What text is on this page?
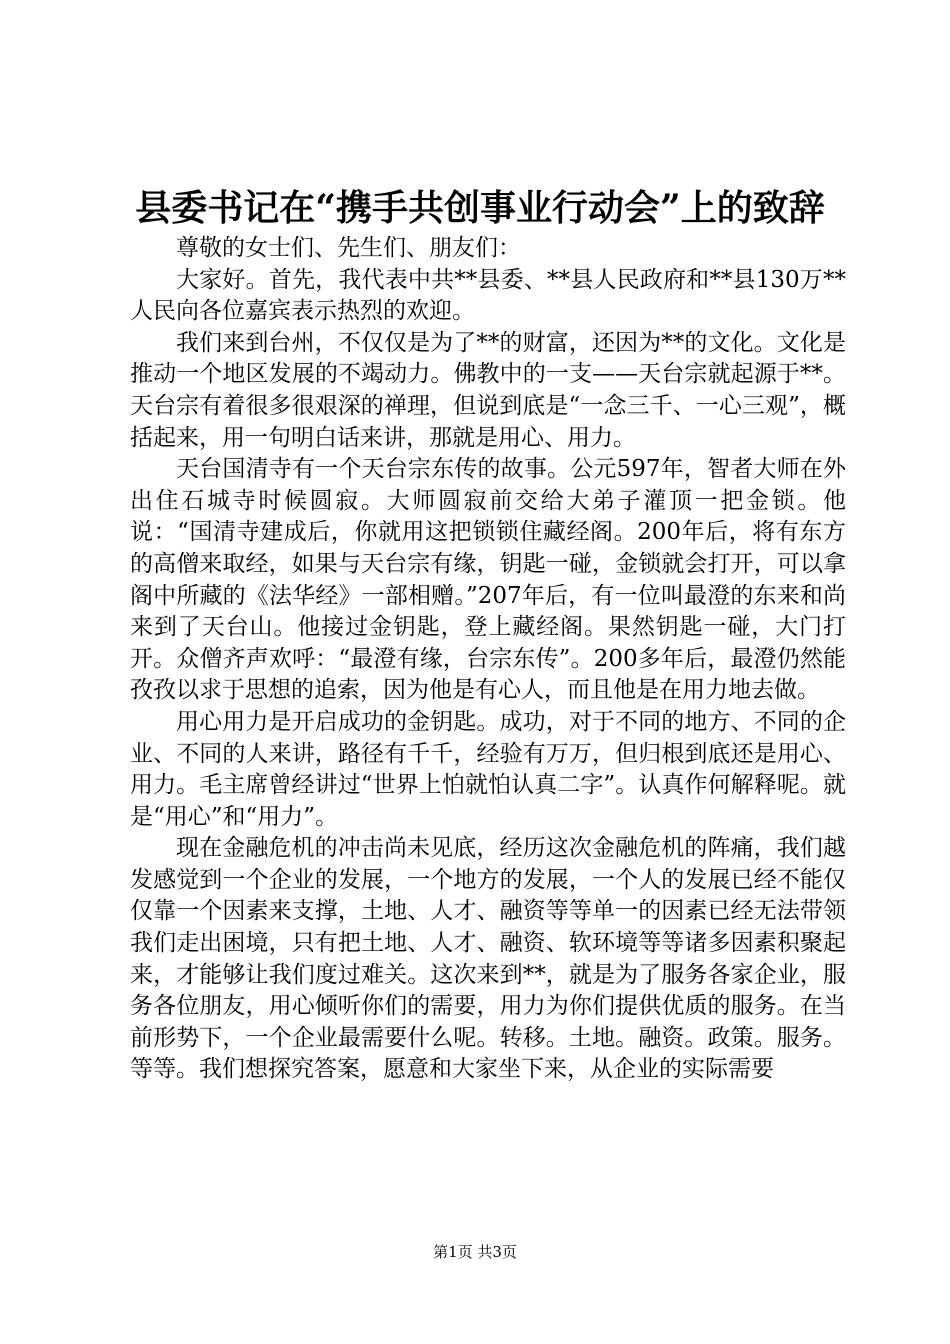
县委书记在“携手共创事业行动会”上的致辞

尊敬的女士们、先生们、朋友们：

大家好。首先，我代表中共**县委、**县人民政府和**县130万**人民向各位嘉宾表示热烈的欢迎。

我们来到台州，不仅仅是为了**的财富，还因为**的文化。文化是推动一个地区发展的不竭动力。佛教中的一支——天台宗就起源于**。天台宗有着很多很艰深的禅理，但说到底是“一念三千、一心三观”，概括起来，用一句明白话来讲，那就是用心、用力。

天台国清寺有一个天台宗东传的故事。公元597年，智者大师在外出住石城寺时候圆寂。大师圆寂前交给大弟子灌顶一把金锁。他说：“国清寺建成后，你就用这把锁锁住藏经阁。200年后，将有东方的高僧来取经，如果与天台宗有缘，钥匙一碰，金锁就会打开，可以拿阁中所藏的《法华经》一部相赠。”207年后，有一位叫最澄的东来和尚来到了天台山。他接过金钥匙，登上藏经阁。果然钥匙一碰，大门打开。众僧齐声欢呼：“最澄有缘，台宗东传”。200多年后，最澄仍然能孜孜以求于思想的追索，因为他是有心人，而且他是在用力地去做。

用心用力是开启成功的金钥匙。成功，对于不同的地方、不同的企业、不同的人来讲，路径有千千，经验有万万，但归根到底还是用心、用力。毛主席曾经讲过“世界上怕就怕认真二字”。认真作何解释呢。就是“用心”和“用力”。

现在金融危机的冲击尚未见底，经历这次金融危机的阵痛，我们越发感觉到一个企业的发展，一个地方的发展，一个人的发展已经不能仅仅靠一个因素来支撑，土地、人才、融资等等单一的因素已经无法带领我们走出困境，只有把土地、人才、融资、软环境等等诸多因素积聚起来，才能够让我们度过难关。这次来到**，就是为了服务各家企业，服务各位朋友，用心倾听你们的需要，用力为你们提供优质的服务。在当前形势下，一个企业最需要什么呢。转移。土地。融资。政策。服务。等等。我们想探究答案，愿意和大家坐下来，从企业的实际需要

第1页 共3页
